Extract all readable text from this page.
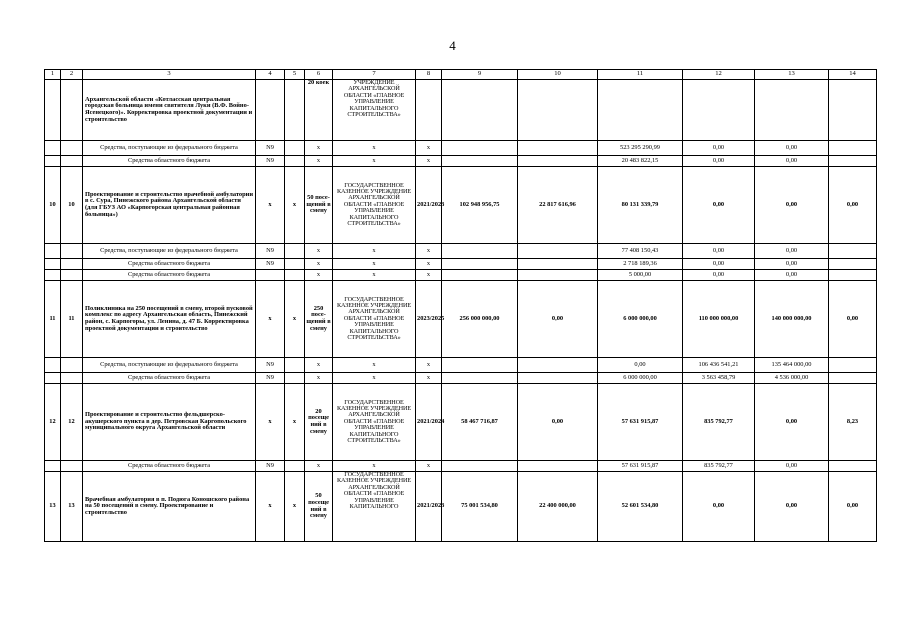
4
1	2	3	4	5	6	7	8	9	10	11	12	13	14
		Архангельской области «Котласская центральная городская больница имени святителя Луки (В.Ф. Войно-Ясенецкого)». Корректировка проектной документации и строительство			20 коек	УЧРЕЖДЕНИЕ АРХАНГЕЛЬСКОЙ ОБЛАСТИ «ГЛАВНОЕ УПРАВЛЕНИЕ КАПИТАЛЬНОГО СТРОИТЕЛЬСТВА»							
		Средства, поступающие из федерального бюджета	N9		x	x	x			523 295 290,99	0,00	0,00	
		Средства областного бюджета	N9		x	x	x			20 483 822,15	0,00	0,00	
10	10	Проектирование и строительство врачебной амбулатории в с. Сура, Пинежского района Архангельской области (для ГБУЗ АО «Карпогорская центральная районная больница»)	x	x	50 посе-щений в смену	ГОСУДАРСТВЕННОЕ КАЗЕННОЕ УЧРЕЖДЕНИЕ АРХАНГЕЛЬСКОЙ ОБЛАСТИ «ГЛАВНОЕ УПРАВЛЕНИЕ КАПИТАЛЬНОГО СТРОИТЕЛЬСТВА»	2021/2023	102 948 956,75	22 817 616,96	80 131 339,79	0,00	0,00	0,00
		Средства, поступающие из федерального бюджета	N9		x	x	x			77 408 150,43	0,00	0,00	
		Средства областного бюджета	N9		x	x	x			2 718 189,36	0,00	0,00	
		Средства областного бюджета			x	x	x			5 000,00	0,00	0,00	
11	11	Поликлиника на 250 посещений в смену, второй пусковой комплекс по адресу Архангельская область, Пинежский район, с. Карпогоры, ул. Ленина, д. 47 Б. Корректировка проектной документации и строительство	x	x	250 посе-щений в смену	ГОСУДАРСТВЕННОЕ КАЗЕННОЕ УЧРЕЖДЕНИЕ АРХАНГЕЛЬСКОЙ ОБЛАСТИ «ГЛАВНОЕ УПРАВЛЕНИЕ КАПИТАЛЬНОГО СТРОИТЕЛЬСТВА»	2023/2025	256 000 000,00	0,00	6 000 000,00	110 000 000,00	140 000 000,00	0,00
		Средства, поступающие из федерального бюджета	N9		x	x	x			0,00	106 436 541,21	135 464 000,00	
		Средства областного бюджета	N9		x	x	x			6 000 000,00	3 563 458,79	4 536 000,00	
12	12	Проектирование и строительство фельдшерско-акушерского пункта в дер. Петровская Каргопольского муниципального округа Архангельской области	x	x	20 посеще ний в смену	ГОСУДАРСТВЕННОЕ КАЗЕННОЕ УЧРЕЖДЕНИЕ АРХАНГЕЛЬСКОЙ ОБЛАСТИ «ГЛАВНОЕ УПРАВЛЕНИЕ КАПИТАЛЬНОГО СТРОИТЕЛЬСТВА»	2021/2024	58 467 716,87	0,00	57 631 915,87	835 792,77	0,00	8,23
		Средства областного бюджета	N9		x	x	x			57 631 915,87	835 792,77	0,00	
13	13	Врачебная амбулатория в п. Подюга Коношского района на 50 посещений в смену. Проектирование и строительство	x	x	50 посеще ний в смену	ГОСУДАРСТВЕННОЕ КАЗЕННОЕ УЧРЕЖДЕНИЕ АРХАНГЕЛЬСКОЙ ОБЛАСТИ «ГЛАВНОЕ УПРАВЛЕНИЕ КАПИТАЛЬНОГО	2021/2023	75 001 534,80	22 400 000,00	52 601 534,80	0,00	0,00	0,00
